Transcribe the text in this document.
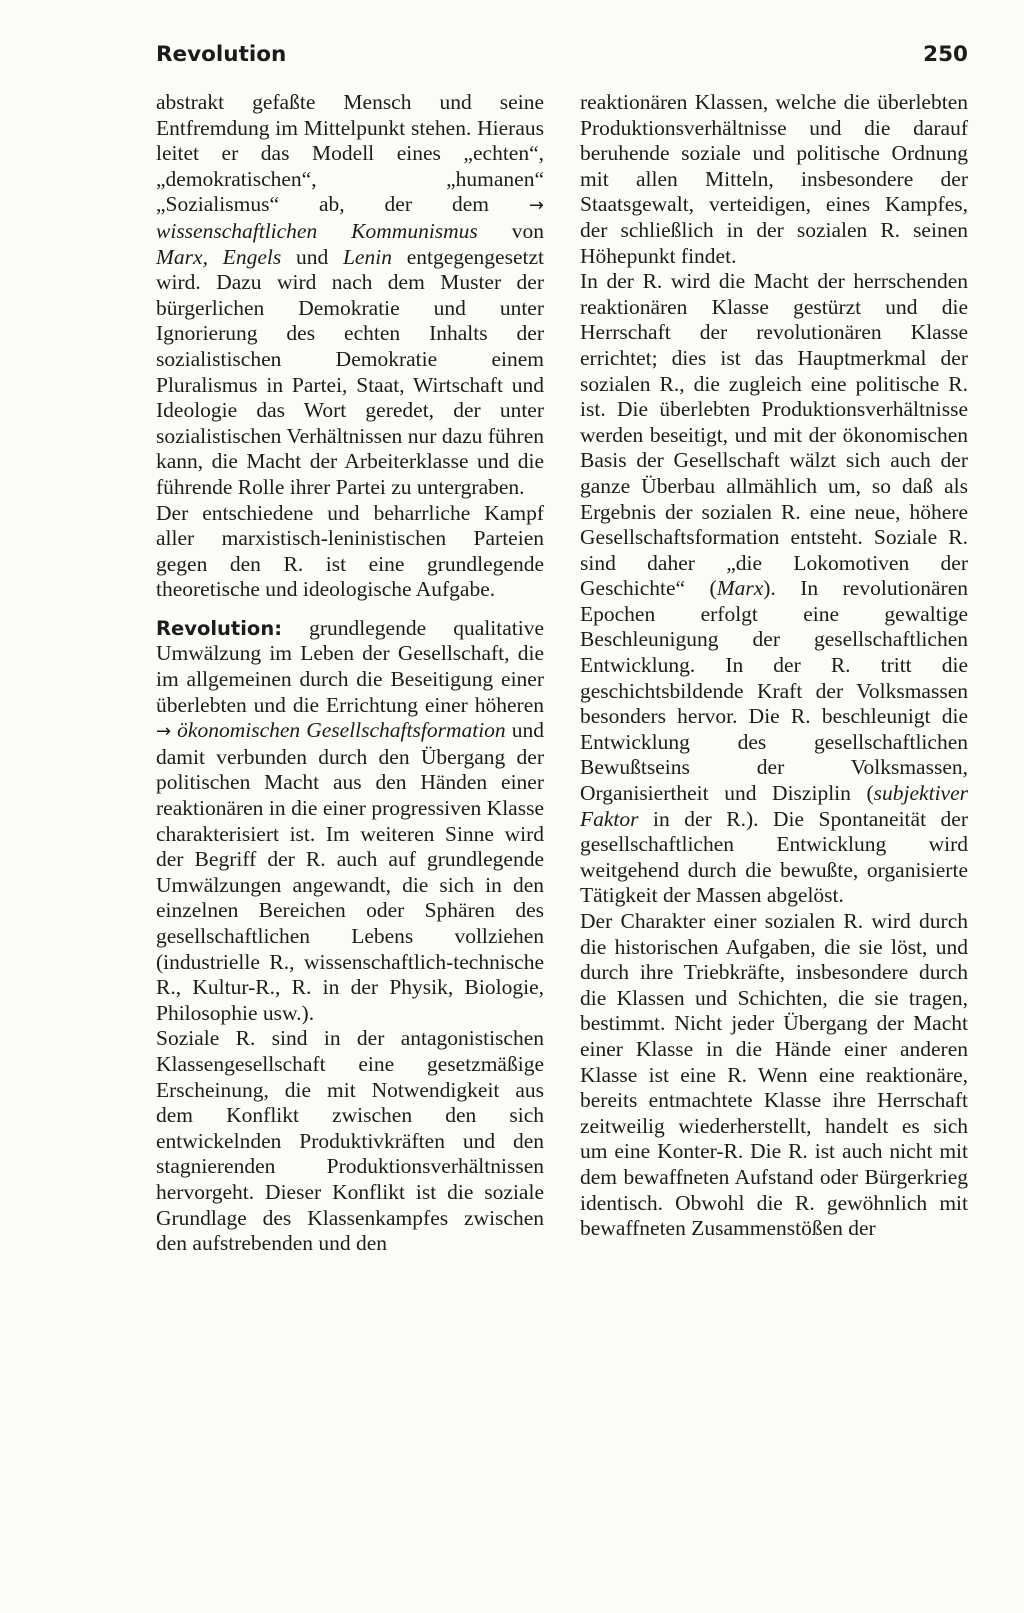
Revolution	250

abstrakt gefaßte Mensch und seine Entfremdung im Mittelpunkt stehen. Hieraus leitet er das Modell eines „echten“, „demokratischen“, „humanen“ „Sozialismus“ ab, der dem → wissenschaftlichen Kommunismus von Marx, Engels und Lenin entgegengesetzt wird. Dazu wird nach dem Muster der bürgerlichen Demokratie und unter Ignorierung des echten Inhalts der sozialistischen Demokratie einem Pluralismus in Partei, Staat, Wirtschaft und Ideologie das Wort geredet, der unter sozialistischen Verhältnissen nur dazu führen kann, die Macht der Arbeiterklasse und die führende Rolle ihrer Partei zu untergraben.

Der entschiedene und beharrliche Kampf aller marxistisch-leninistischen Parteien gegen den R. ist eine grundlegende theoretische und ideologische Aufgabe.

Revolution: grundlegende qualitative Umwälzung im Leben der Gesellschaft, die im allgemeinen durch die Beseitigung einer überlebten und die Errichtung einer höheren → ökonomischen Gesellschaftsformation und damit verbunden durch den Übergang der politischen Macht aus den Händen einer reaktionären in die einer progressiven Klasse charakterisiert ist. Im weiteren Sinne wird der Begriff der R. auch auf grundlegende Umwälzungen angewandt, die sich in den einzelnen Bereichen oder Sphären des gesellschaftlichen Lebens vollziehen (industrielle R., wissenschaftlich-technische R., Kultur-R., R. in der Physik, Biologie, Philosophie usw.).

Soziale R. sind in der antagonistischen Klassengesellschaft eine gesetzmäßige Erscheinung, die mit Notwendigkeit aus dem Konflikt zwischen den sich entwickelnden Produktivkräften und den stagnierenden Produktionsverhältnissen hervorgeht. Dieser Konflikt ist die soziale Grundlage des Klassenkampfes zwischen den aufstrebenden und den

reaktionären Klassen, welche die überlebten Produktionsverhältnisse und die darauf beruhende soziale und politische Ordnung mit allen Mitteln, insbesondere der Staatsgewalt, verteidigen, eines Kampfes, der schließlich in der sozialen R. seinen Höhepunkt findet.

In der R. wird die Macht der herrschenden reaktionären Klasse gestürzt und die Herrschaft der revolutionären Klasse errichtet; dies ist das Hauptmerkmal der sozialen R., die zugleich eine politische R. ist. Die überlebten Produktionsverhältnisse werden beseitigt, und mit der ökonomischen Basis der Gesellschaft wälzt sich auch der ganze Überbau allmählich um, so daß als Ergebnis der sozialen R. eine neue, höhere Gesellschaftsformation entsteht. Soziale R. sind daher „die Lokomotiven der Geschichte“ (Marx). In revolutionären Epochen erfolgt eine gewaltige Beschleunigung der gesellschaftlichen Entwicklung. In der R. tritt die geschichtsbildende Kraft der Volksmassen besonders hervor. Die R. beschleunigt die Entwicklung des gesellschaftlichen Bewußtseins der Volksmassen, Organisiertheit und Disziplin (subjektiver Faktor in der R.). Die Spontaneität der gesellschaftlichen Entwicklung wird weitgehend durch die bewußte, organisierte Tätigkeit der Massen abgelöst.

Der Charakter einer sozialen R. wird durch die historischen Aufgaben, die sie löst, und durch ihre Triebkräfte, insbesondere durch die Klassen und Schichten, die sie tragen, bestimmt. Nicht jeder Übergang der Macht einer Klasse in die Hände einer anderen Klasse ist eine R. Wenn eine reaktionäre, bereits entmachtete Klasse ihre Herrschaft zeitweilig wiederherstellt, handelt es sich um eine Konter-R. Die R. ist auch nicht mit dem bewaffneten Aufstand oder Bürgerkrieg identisch. Obwohl die R. gewöhnlich mit bewaffneten Zusammenstößen der
